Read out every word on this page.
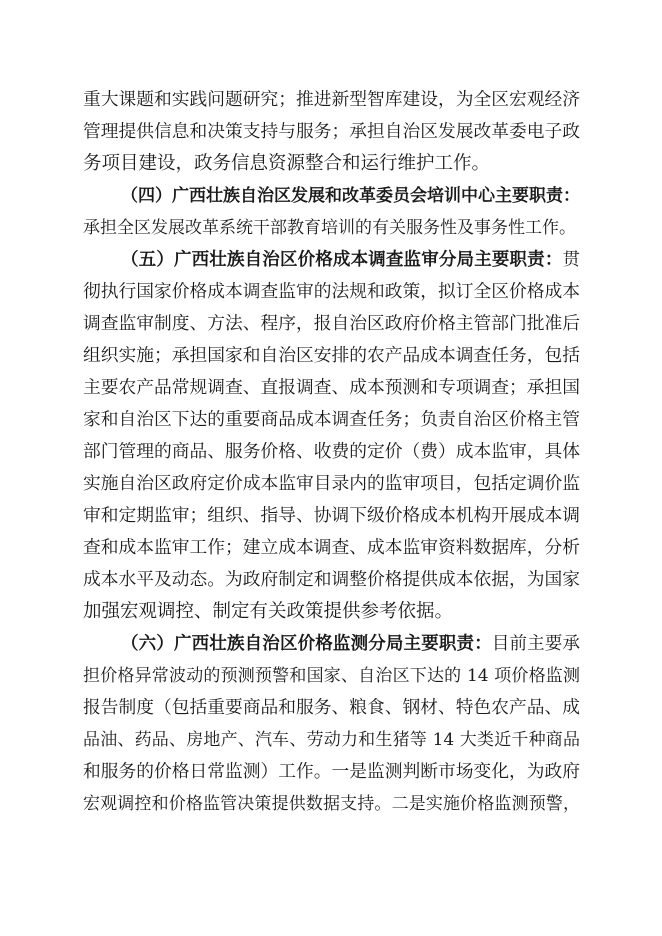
重大课题和实践问题研究；推进新型智库建设，为全区宏观经济
管理提供信息和决策支持与服务；承担自治区发展改革委电子政
务项目建设，政务信息资源整合和运行维护工作。
（四）广西壮族自治区发展和改革委员会培训中心主要职责：
承担全区发展改革系统干部教育培训的有关服务性及事务性工作。
（五）广西壮族自治区价格成本调查监审分局主要职责：贯
彻执行国家价格成本调查监审的法规和政策，拟订全区价格成本
调查监审制度、方法、程序，报自治区政府价格主管部门批准后
组织实施；承担国家和自治区安排的农产品成本调查任务，包括
主要农产品常规调查、直报调查、成本预测和专项调查；承担国
家和自治区下达的重要商品成本调查任务；负责自治区价格主管
部门管理的商品、服务价格、收费的定价（费）成本监审，具体
实施自治区政府定价成本监审目录内的监审项目，包括定调价监
审和定期监审；组织、指导、协调下级价格成本机构开展成本调
查和成本监审工作；建立成本调查、成本监审资料数据库，分析
成本水平及动态。为政府制定和调整价格提供成本依据，为国家
加强宏观调控、制定有关政策提供参考依据。
（六）广西壮族自治区价格监测分局主要职责：目前主要承
担价格异常波动的预测预警和国家、自治区下达的 14 项价格监测
报告制度（包括重要商品和服务、粮食、钢材、特色农产品、成
品油、药品、房地产、汽车、劳动力和生猪等 14 大类近千种商品
和服务的价格日常监测）工作。一是监测判断市场变化，为政府
宏观调控和价格监管决策提供数据支持。二是实施价格监测预警，
